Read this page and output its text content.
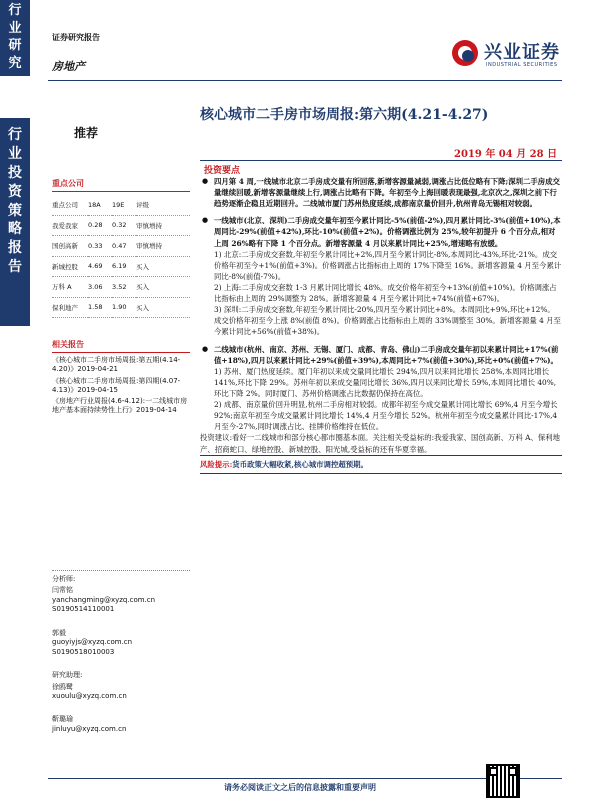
行
业
研
究
行
业
投
资
策
略
报
告
证券研究报告
房地产
兴业证券
INDUSTRIAL SECURITIES
核心城市二手房市场周报:第六期(4.21-4.27)
推荐
2019 年 04 月 28 日
投资要点
重点公司
重点公司	18A	19E	评级
我爱我家	0.28	0.32	审慎增持
国创高新	0.33	0.47	审慎增持
新城控股	4.69	6.19	买入
万科 A	3.06	3.52	买入
保利地产	1.58	1.90	买入
相关报告

《核心城市二手房市场周报:第五期(4.14-4.20)》2019-04-21

《核心城市二手房市场周报:第四期(4.07-4.13)》2019-04-15

《房地产行业周报(4.6-4.12):一二线城市房地产基本面持续势性上行》2019-04-14

分析师:
闫常铭
yanchangming@xyzq.com.cn
S0190514110001
郭毅
guoyiyjs@xyzq.com.cn
S0190518010003
研究助理:
徐鸥鹭
xuoulu@xyzq.com.cn
靳璐瑜
jinluyu@xyzq.com.cn

● 四月第 4 周,一线城市北京二手房成交量有所回落,新增客源量减弱,调涨占比低位略有下降;深圳二手房成交量继续回暖,新增客源量继续上行,调涨占比略有下降。年初至今上海回暖表现最强,北京次之,深圳之前下行趋势逐渐企稳且近期回升。二线城市厦门苏州热度延续,成都南京量价回升,杭州青岛无锡相对较弱。

● 一线城市(北京、深圳)二手房成交量年初至今累计同比-5%(前值-2%),四月累计同比-3%(前值+10%),本周同比-29%(前值+42%),环比-10%(前值+2%)。价格调涨比例为 25%,较年初提升 6 个百分点,相对上周 26%略有下降 1 个百分点。新增客源量 4 月以来累计同比+25%,增速略有放缓。

1) 北京:二手房成交套数,年初至今累计同比+2%,四月至今累计同比-8%,本周同比-43%,环比-21%。成交价格年初至今+1%(前值+3%)。价格调涨占比指标由上周的 17%下降至 16%。新增客源量 4 月至今累计同比-8%(前值-7%)。

2) 上海:二手房成交套数 1-3 月累计同比增长 48%。成交价格年初至今+13%(前值+10%)。价格调涨占比指标由上周的 29%调整为 28%。新增客源量 4 月至今累计同比+74%(前值+67%)。

3) 深圳:二手房成交套数,年初至今累计同比-20%,四月至今累计同比+8%。本周同比+9%,环比+12%。成交价格年初至今上涨 8%(前值 8%)。价格调涨占比指标由上周的 33%调整至 30%。新增客源量 4 月至今累计同比+56%(前值+38%)。

● 二线城市(杭州、南京、苏州、无锡、厦门、成都、青岛、佛山)二手房成交量年初以来累计同比+17%(前值+18%),四月以来累计同比+29%(前值+39%),本周同比+7%(前值+30%),环比+0%(前值+7%)。

1) 苏州、厦门热度延续。厦门年初以来成交量同比增长 294%,四月以来同比增长 258%,本周同比增长 141%,环比下降 29%。苏州年初以来成交量同比增长 36%,四月以来同比增长 59%,本周同比增长 40%,环比下降 2%。同时厦门、苏州价格调涨占比数据仍保持在高位。

2) 成都、南京量价回升明显,杭州二手房相对较弱。成都年初至今成交量累计同比增长 69%,4 月至今增长 92%;南京年初至今成交量累计同比增长 14%,4 月至今增长 52%。杭州年初至今成交量累计同比-17%,4 月至今-27%,同时调涨占比、挂牌价格维持在低位。

投资建议:看好一二线城市和部分核心都市圈基本面。关注相关受益标的:我爱我家、国创高新、万科 A、保利地产、招商蛇口、绿地控股、新城控股、阳光城,受益标的还有华夏幸福。

风险提示:货币政策大幅收紧,核心城市调控超预期。

请务必阅读正文之后的信息披露和重要声明
